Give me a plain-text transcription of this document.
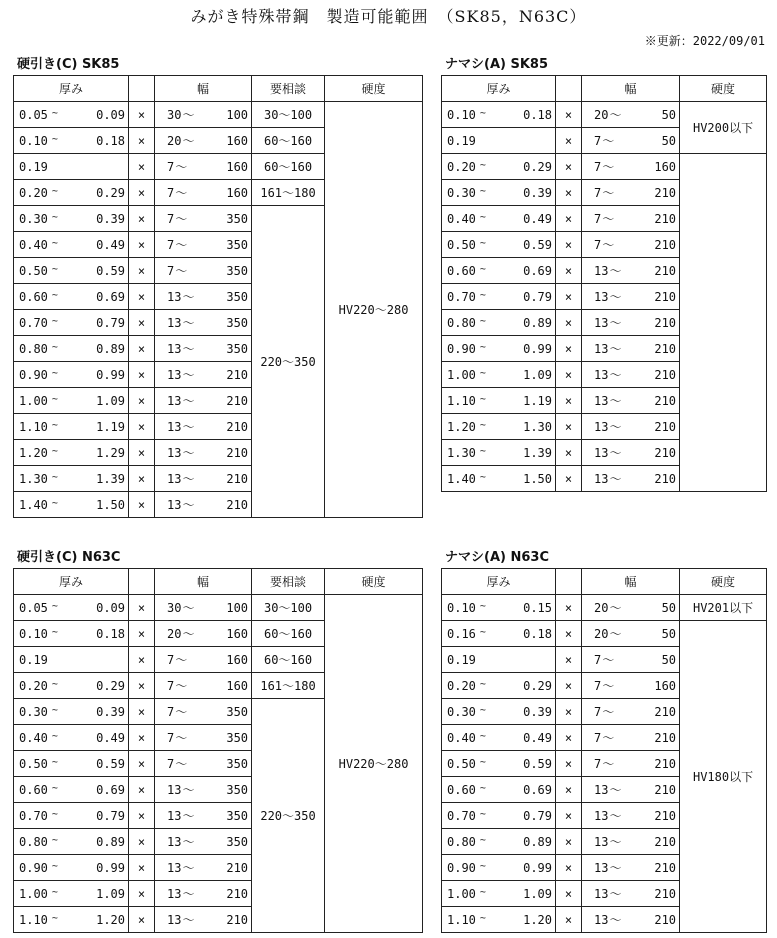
みがき特殊帯鋼　製造可能範囲　（SK85，N63C）
※更新：2022/09/01
硬引き(C) SK85
厚み			幅		要相談	硬度
0.05 ~	0.09	×	30〜	100	30〜100	HV220〜280
0.10 ~	0.18	×	20〜	160	60〜160	
0.19		×	7〜	160	60〜160	
0.20 ~	0.29	×	7〜	160	161〜180	
0.30 ~	0.39	×	7〜	350	220〜350	
0.40 ~	0.49	×	7〜	350		
0.50 ~	0.59	×	7〜	350		
0.60 ~	0.69	×	13〜	350		
0.70 ~	0.79	×	13〜	350		
0.80 ~	0.89	×	13〜	350		
0.90 ~	0.99	×	13〜	210		
1.00 ~	1.09	×	13〜	210		
1.10 ~	1.19	×	13〜	210		
1.20 ~	1.29	×	13〜	210		
1.30 ~	1.39	×	13〜	210		
1.40 ~	1.50	×	13〜	210		
ナマシ(A) SK85
厚み			幅		硬度
0.10 ~	0.18	×	20〜	50	HV200以下
0.19		×	7〜	50	
0.20 ~	0.29	×	7〜	160	
0.30 ~	0.39	×	7〜	210	
0.40 ~	0.49	×	7〜	210	
0.50 ~	0.59	×	7〜	210	
0.60 ~	0.69	×	13〜	210	
0.70 ~	0.79	×	13〜	210	
0.80 ~	0.89	×	13〜	210	
0.90 ~	0.99	×	13〜	210	
1.00 ~	1.09	×	13〜	210	
1.10 ~	1.19	×	13〜	210	
1.20 ~	1.30	×	13〜	210	
1.30 ~	1.39	×	13〜	210	
1.40 ~	1.50	×	13〜	210	
硬引き(C) N63C
厚み			幅		要相談	硬度
0.05 ~	0.09	×	30〜	100	30〜100	HV220〜280
0.10 ~	0.18	×	20〜	160	60〜160	
0.19		×	7〜	160	60〜160	
0.20 ~	0.29	×	7〜	160	161〜180	
0.30 ~	0.39	×	7〜	350	220〜350	
0.40 ~	0.49	×	7〜	350		
0.50 ~	0.59	×	7〜	350		
0.60 ~	0.69	×	13〜	350		
0.70 ~	0.79	×	13〜	350		
0.80 ~	0.89	×	13〜	350		
0.90 ~	0.99	×	13〜	210		
1.00 ~	1.09	×	13〜	210		
1.10 ~	1.20	×	13〜	210		
ナマシ(A) N63C
厚み			幅		硬度
0.10 ~	0.15	×	20〜	50	HV201以下
0.16 ~	0.18	×	20〜	50	HV180以下
0.19		×	7〜	50	
0.20 ~	0.29	×	7〜	160	
0.30 ~	0.39	×	7〜	210	
0.40 ~	0.49	×	7〜	210	
0.50 ~	0.59	×	7〜	210	
0.60 ~	0.69	×	13〜	210	
0.70 ~	0.79	×	13〜	210	
0.80 ~	0.89	×	13〜	210	
0.90 ~	0.99	×	13〜	210	
1.00 ~	1.09	×	13〜	210	
1.10 ~	1.20	×	13〜	210	
